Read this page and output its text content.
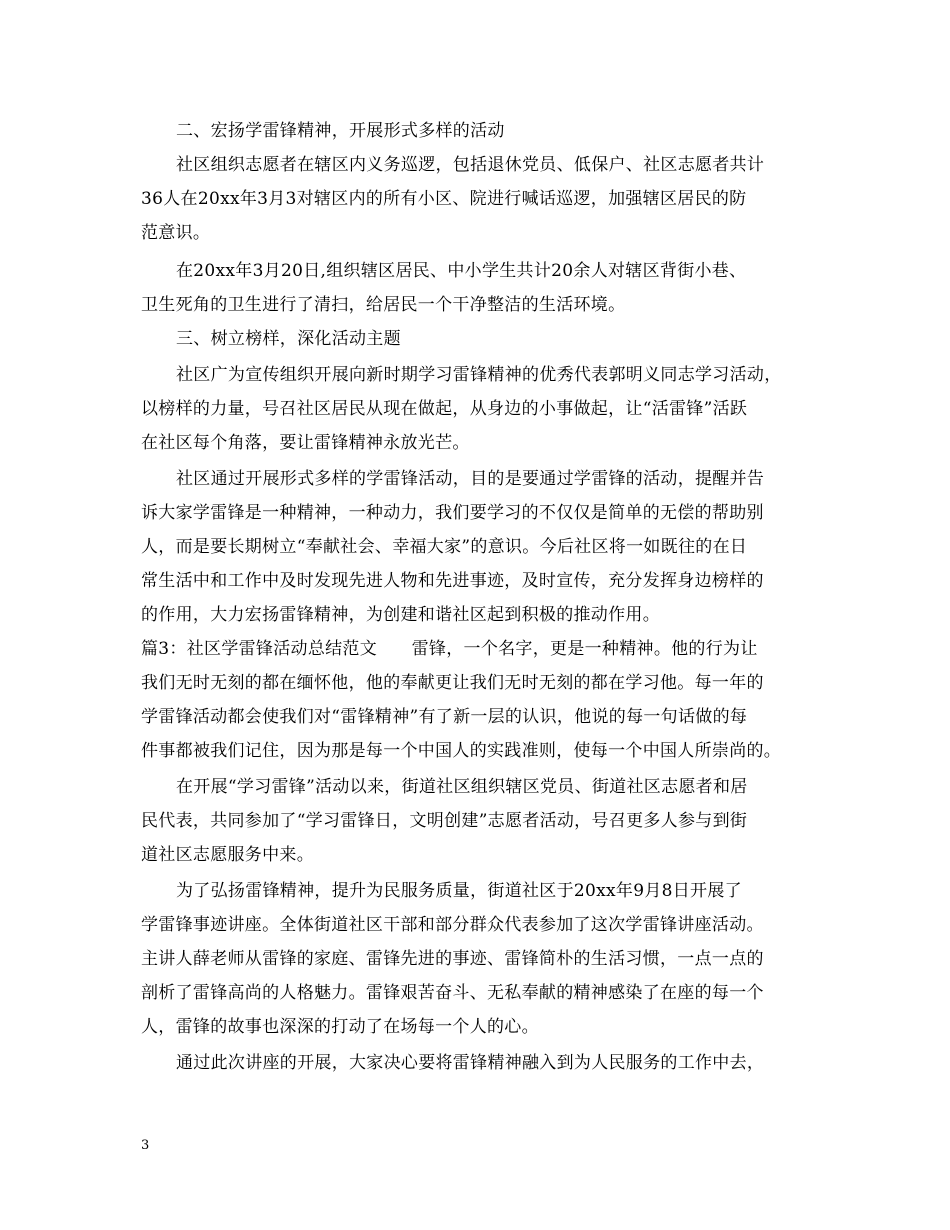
二、宏扬学雷锋精神，开展形式多样的活动
社区组织志愿者在辖区内义务巡逻，包括退休党员、低保户、社区志愿者共计
36人在20xx年3月3对辖区内的所有小区、院进行喊话巡逻，加强辖区居民的防
范意识。
在20xx年3月20日,组织辖区居民、中小学生共计20余人对辖区背街小巷、
卫生死角的卫生进行了清扫，给居民一个干净整洁的生活环境。
三、树立榜样，深化活动主题
社区广为宣传组织开展向新时期学习雷锋精神的优秀代表郭明义同志学习活动，
以榜样的力量，号召社区居民从现在做起，从身边的小事做起，让“活雷锋”活跃
在社区每个角落，要让雷锋精神永放光芒。
社区通过开展形式多样的学雷锋活动，目的是要通过学雷锋的活动，提醒并告
诉大家学雷锋是一种精神，一种动力，我们要学习的不仅仅是简单的无偿的帮助别
人，而是要长期树立“奉献社会、幸福大家”的意识。今后社区将一如既往的在日
常生活中和工作中及时发现先进人物和先进事迹，及时宣传，充分发挥身边榜样的
的作用，大力宏扬雷锋精神，为创建和谐社区起到积极的推动作用。
篇3：社区学雷锋活动总结范文　　雷锋，一个名字，更是一种精神。他的行为让
我们无时无刻的都在缅怀他，他的奉献更让我们无时无刻的都在学习他。每一年的
学雷锋活动都会使我们对“雷锋精神”有了新一层的认识，他说的每一句话做的每
件事都被我们记住，因为那是每一个中国人的实践准则，使每一个中国人所崇尚的。
在开展“学习雷锋”活动以来，街道社区组织辖区党员、街道社区志愿者和居
民代表，共同参加了“学习雷锋日，文明创建”志愿者活动，号召更多人参与到街
道社区志愿服务中来。
为了弘扬雷锋精神，提升为民服务质量，街道社区于20xx年9月8日开展了
学雷锋事迹讲座。全体街道社区干部和部分群众代表参加了这次学雷锋讲座活动。
主讲人薛老师从雷锋的家庭、雷锋先进的事迹、雷锋简朴的生活习惯，一点一点的
剖析了雷锋高尚的人格魅力。雷锋艰苦奋斗、无私奉献的精神感染了在座的每一个
人，雷锋的故事也深深的打动了在场每一个人的心。
通过此次讲座的开展，大家决心要将雷锋精神融入到为人民服务的工作中去，
3
